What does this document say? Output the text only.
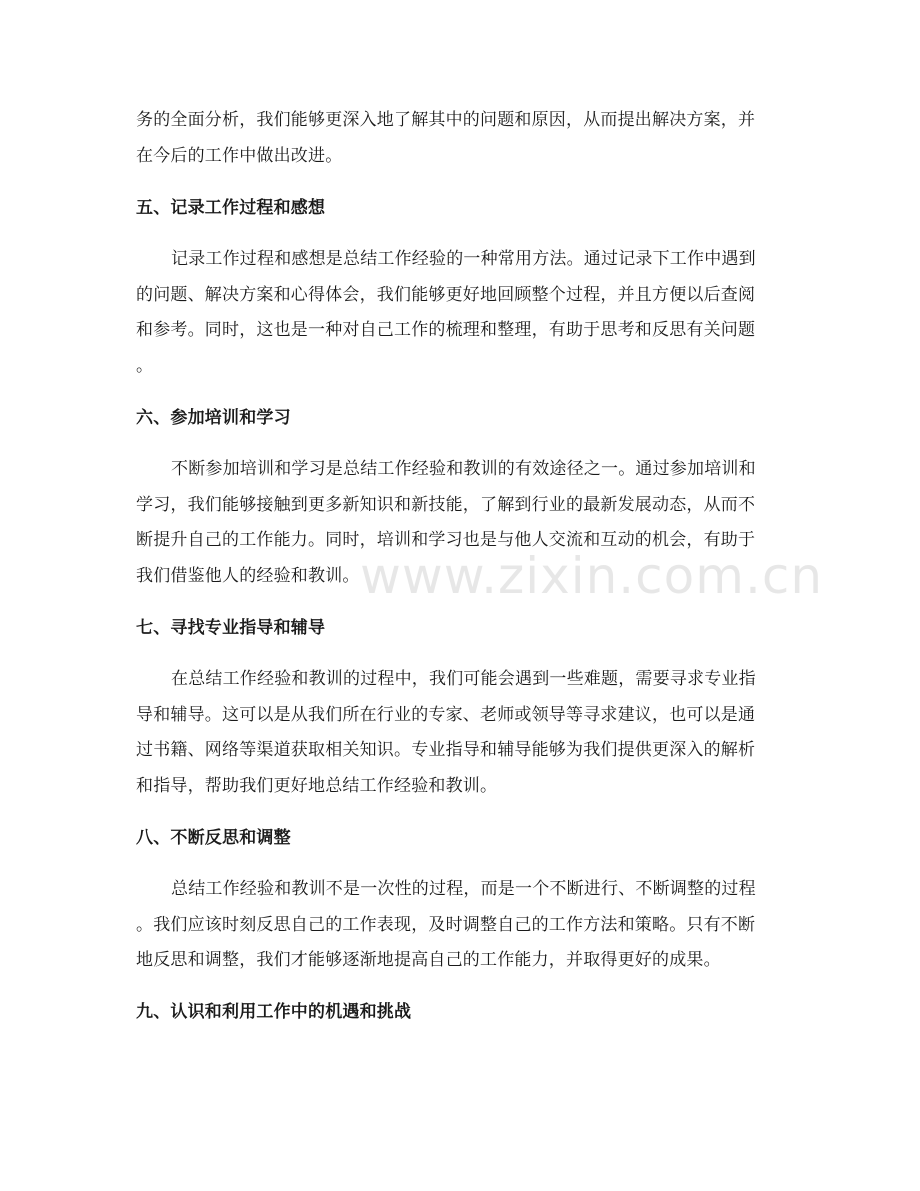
务的全面分析，我们能够更深入地了解其中的问题和原因，从而提出解决方案，并

在今后的工作中做出改进。

五、记录工作过程和感想

记录工作过程和感想是总结工作经验的一种常用方法。通过记录下工作中遇到

的问题、解决方案和心得体会，我们能够更好地回顾整个过程，并且方便以后查阅

和参考。同时，这也是一种对自己工作的梳理和整理，有助于思考和反思有关问题

。

六、参加培训和学习

不断参加培训和学习是总结工作经验和教训的有效途径之一。通过参加培训和

学习，我们能够接触到更多新知识和新技能，了解到行业的最新发展动态，从而不

断提升自己的工作能力。同时，培训和学习也是与他人交流和互动的机会，有助于

我们借鉴他人的经验和教训。

七、寻找专业指导和辅导

在总结工作经验和教训的过程中，我们可能会遇到一些难题，需要寻求专业指

导和辅导。这可以是从我们所在行业的专家、老师或领导等寻求建议，也可以是通

过书籍、网络等渠道获取相关知识。专业指导和辅导能够为我们提供更深入的解析

和指导，帮助我们更好地总结工作经验和教训。

八、不断反思和调整

总结工作经验和教训不是一次性的过程，而是一个不断进行、不断调整的过程

。我们应该时刻反思自己的工作表现，及时调整自己的工作方法和策略。只有不断

地反思和调整，我们才能够逐渐地提高自己的工作能力，并取得更好的成果。

九、认识和利用工作中的机遇和挑战
www.zixin.com.cn
